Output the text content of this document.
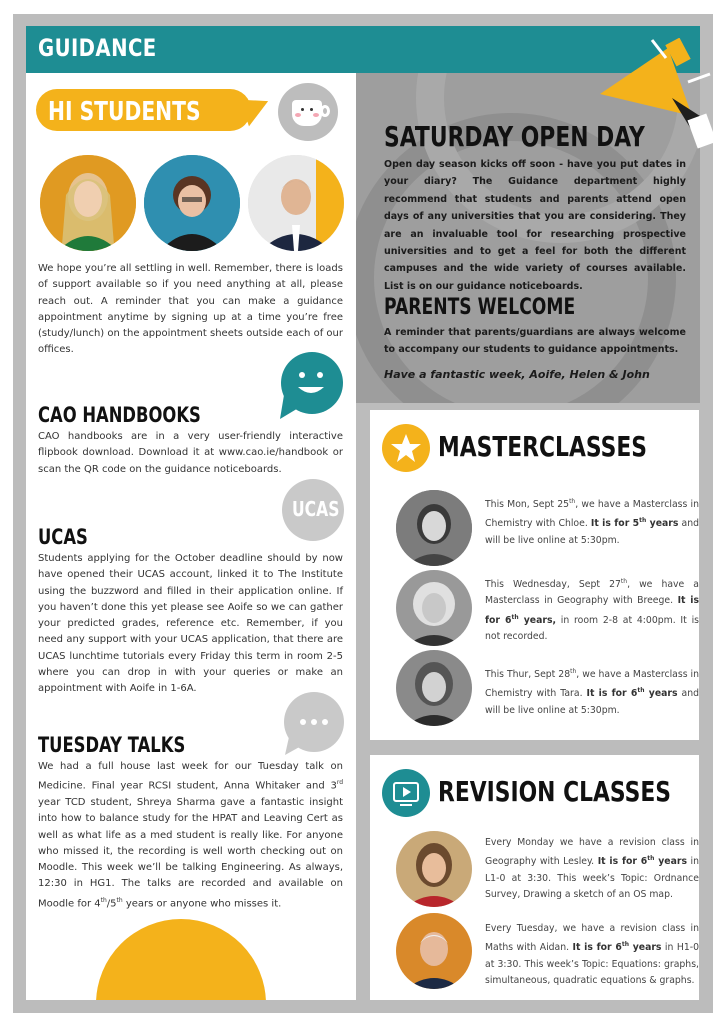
GUIDANCE
SATURDAY OPEN DAY
Open day season kicks off soon - have you put dates in your diary? The Guidance department highly recommend that students and parents attend open days of any universities that you are considering. They are an invaluable tool for researching prospective universities and to get a feel for both the different campuses and the wide variety of courses available. List is on our guidance noticeboards.
PARENTS WELCOME
A reminder that parents/guardians are always welcome to accompany our students to guidance appointments.
Have a fantastic week, Aoife, Helen & John
HI STUDENTS
We hope you’re all settling in well. Remember, there is loads of support available so if you need anything at all, please reach out. A reminder that you can make a guidance appointment anytime by signing up at a time you’re free (study/lunch) on the appointment sheets outside each of our offices.
CAO HANDBOOKS
CAO handbooks are in a very user-friendly interactive flipbook download. Download it at www.cao.ie/handbook or scan the QR code on the guidance noticeboards.
UCAS
UCAS
Students applying for the October deadline should by now have opened their UCAS account, linked it to The Institute using the buzzword and filled in their application online. If you haven’t done this yet please see Aoife so we can gather your predicted grades, reference etc. Remember, if you need any support with your UCAS application, that there are UCAS lunchtime tutorials every Friday this term in room 2-5 where you can drop in with your queries or make an appointment with Aoife in 1-6A.
TUESDAY TALKS
We had a full house last week for our Tuesday talk on Medicine. Final year RCSI student, Anna Whitaker and 3rd year TCD student, Shreya Sharma gave a fantastic insight into how to balance study for the HPAT and Leaving Cert as well as what life as a med student is really like. For anyone who missed it, the recording is well worth checking out on Moodle. This week we’ll be talking Engineering. As always, 12:30 in HG1. The talks are recorded and available on Moodle for 4th/5th years or anyone who misses it.
MASTERCLASSES
This Mon, Sept 25th, we have a Masterclass in Chemistry with Chloe. It is for 5th years and will be live online at 5:30pm.
This Wednesday, Sept 27th, we have a Masterclass in Geography with Breege. It is for 6th years, in room 2-8 at 4:00pm. It is not recorded.
This Thur, Sept 28th, we have a Masterclass in Chemistry with Tara. It is for 6th years and will be live online at 5:30pm.
REVISION CLASSES
Every Monday we have a revision class in Geography with Lesley. It is for 6th years in L1-0 at 3:30. This week’s Topic: Ordnance Survey, Drawing a sketch of an OS map.
Every Tuesday, we have a revision class in Maths with Aidan. It is for 6th years in H1-0 at 3:30. This week’s Topic: Equations: graphs, simultaneous, quadratic equations & graphs.
